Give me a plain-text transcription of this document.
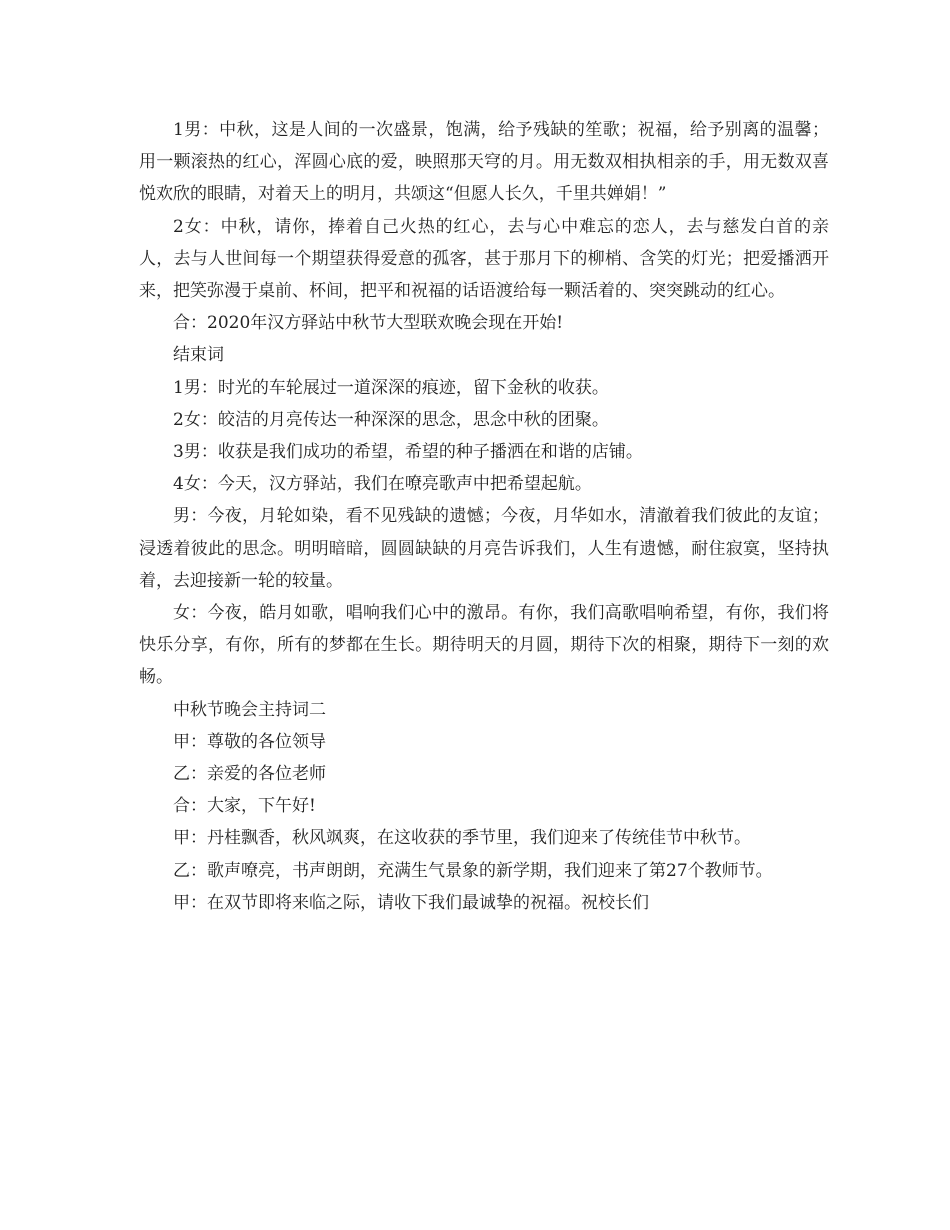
1男：中秋，这是人间的一次盛景，饱满，给予残缺的笙歌；祝福，给予别离的温馨；用一颗滚热的红心，浑圆心底的爱，映照那天穹的月。用无数双相执相亲的手，用无数双喜悦欢欣的眼睛，对着天上的明月，共颂这“但愿人长久，千里共婵娟！”

2女：中秋，请你，捧着自己火热的红心，去与心中难忘的恋人，去与慈发白首的亲人，去与人世间每一个期望获得爱意的孤客，甚于那月下的柳梢、含笑的灯光；把爱播洒开来，把笑弥漫于桌前、杯间，把平和祝福的话语渡给每一颗活着的、突突跳动的红心。

合：2020年汉方驿站中秋节大型联欢晚会现在开始!

结束词

1男：时光的车轮展过一道深深的痕迹，留下金秋的收获。

2女：皎洁的月亮传达一种深深的思念，思念中秋的团聚。

3男：收获是我们成功的希望，希望的种子播洒在和谐的店铺。

4女：今天，汉方驿站，我们在嘹亮歌声中把希望起航。

男：今夜，月轮如染，看不见残缺的遗憾；今夜，月华如水，清澈着我们彼此的友谊；浸透着彼此的思念。明明暗暗，圆圆缺缺的月亮告诉我们，人生有遗憾，耐住寂寞，坚持执着，去迎接新一轮的较量。

女：今夜，皓月如歌，唱响我们心中的激昂。有你，我们高歌唱响希望，有你，我们将快乐分享，有你，所有的梦都在生长。期待明天的月圆，期待下次的相聚，期待下一刻的欢畅。

中秋节晚会主持词二

甲：尊敬的各位领导

乙：亲爱的各位老师

合：大家，下午好!

甲：丹桂飘香，秋风飒爽，在这收获的季节里，我们迎来了传统佳节中秋节。

乙：歌声嘹亮，书声朗朗，充满生气景象的新学期，我们迎来了第27个教师节。

甲：在双节即将来临之际，请收下我们最诚挚的祝福。祝校长们
